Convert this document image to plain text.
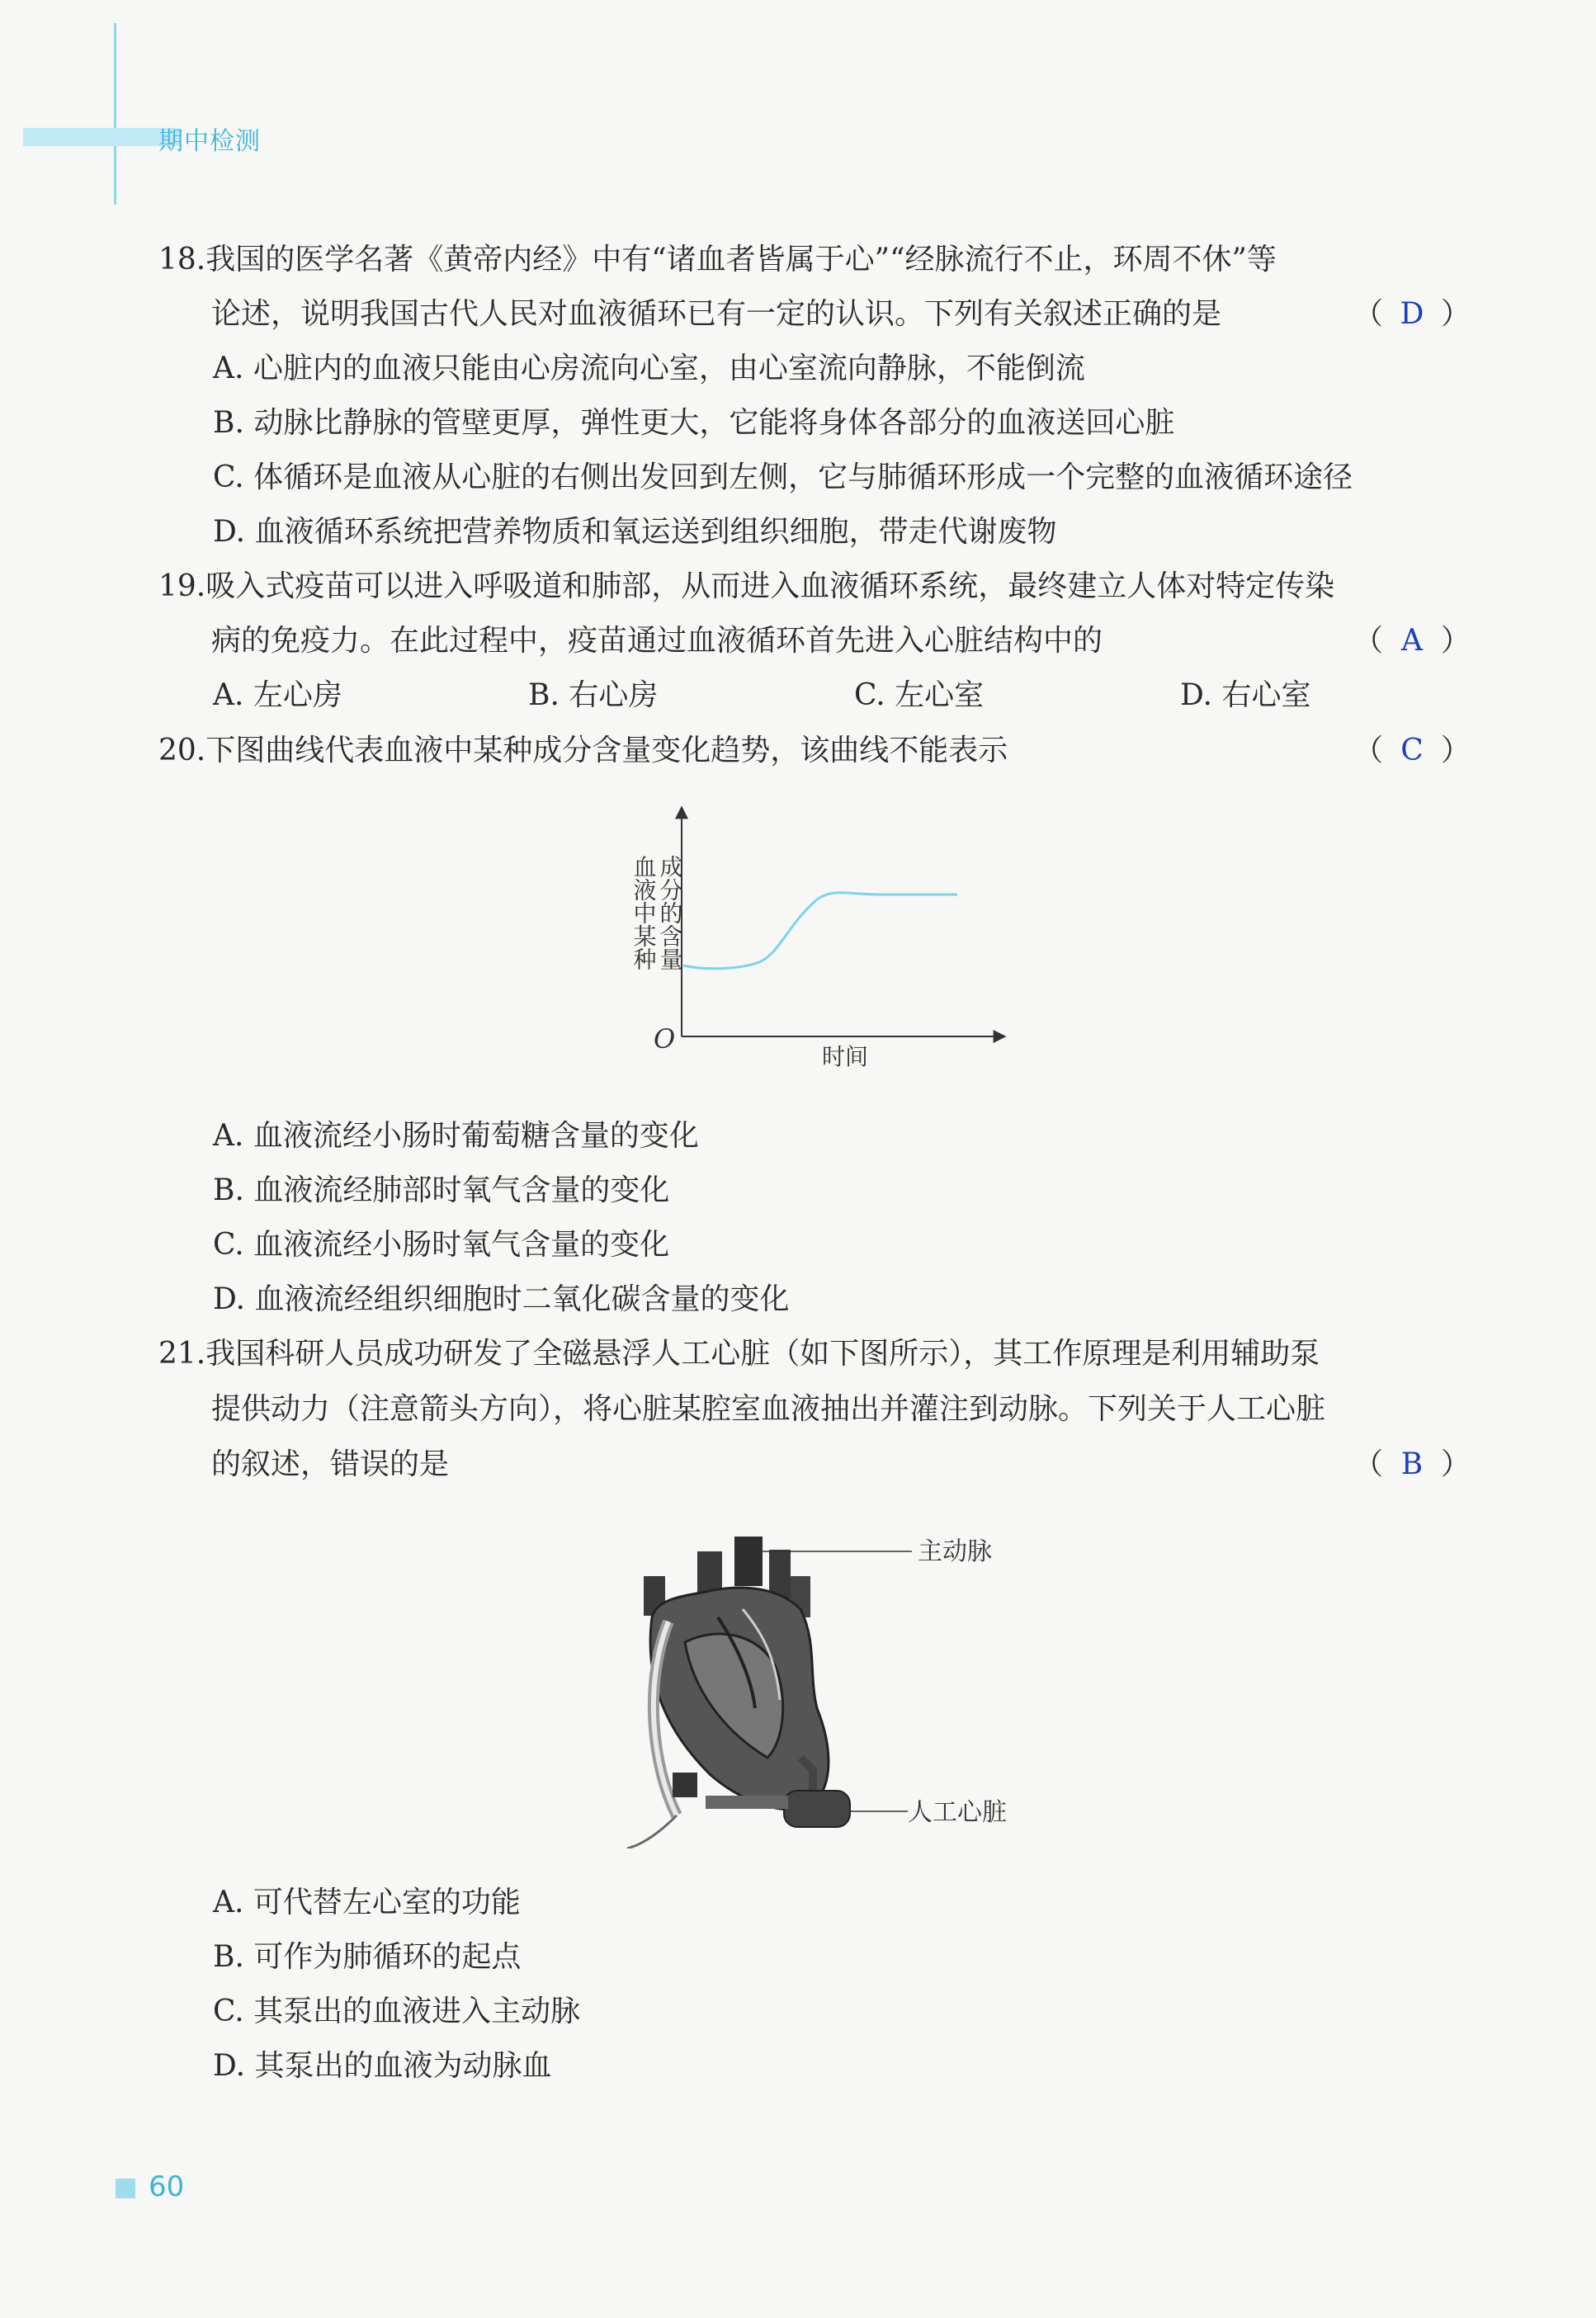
期中检测
18.我国的医学名著《黄帝内经》中有“诸血者皆属于心”“经脉流行不止，环周不休”等
论述，说明我国古代人民对血液循环已有一定的认识。下列有关叙述正确的是	（ D ）
A. 心脏内的血液只能由心房流向心室，由心室流向静脉，不能倒流
B. 动脉比静脉的管壁更厚，弹性更大，它能将身体各部分的血液送回心脏
C. 体循环是血液从心脏的右侧出发回到左侧，它与肺循环形成一个完整的血液循环途径
D. 血液循环系统把营养物质和氧运送到组织细胞，带走代谢废物
19.吸入式疫苗可以进入呼吸道和肺部，从而进入血液循环系统，最终建立人体对特定传染
病的免疫力。在此过程中，疫苗通过血液循环首先进入心脏结构中的	（ A ）
A. 左心房	B. 右心房	C. 左心室	D. 右心室
20.下图曲线代表血液中某种成分含量变化趋势，该曲线不能表示	（ C ）
血液中某种 成分的含量
O
时间
A. 血液流经小肠时葡萄糖含量的变化
B. 血液流经肺部时氧气含量的变化
C. 血液流经小肠时氧气含量的变化
D. 血液流经组织细胞时二氧化碳含量的变化
21.我国科研人员成功研发了全磁悬浮人工心脏（如下图所示），其工作原理是利用辅助泵
提供动力（注意箭头方向），将心脏某腔室血液抽出并灌注到动脉。下列关于人工心脏
的叙述，错误的是	（ B ）
主动脉
人工心脏
A. 可代替左心室的功能
B. 可作为肺循环的起点
C. 其泵出的血液进入主动脉
D. 其泵出的血液为动脉血
60
